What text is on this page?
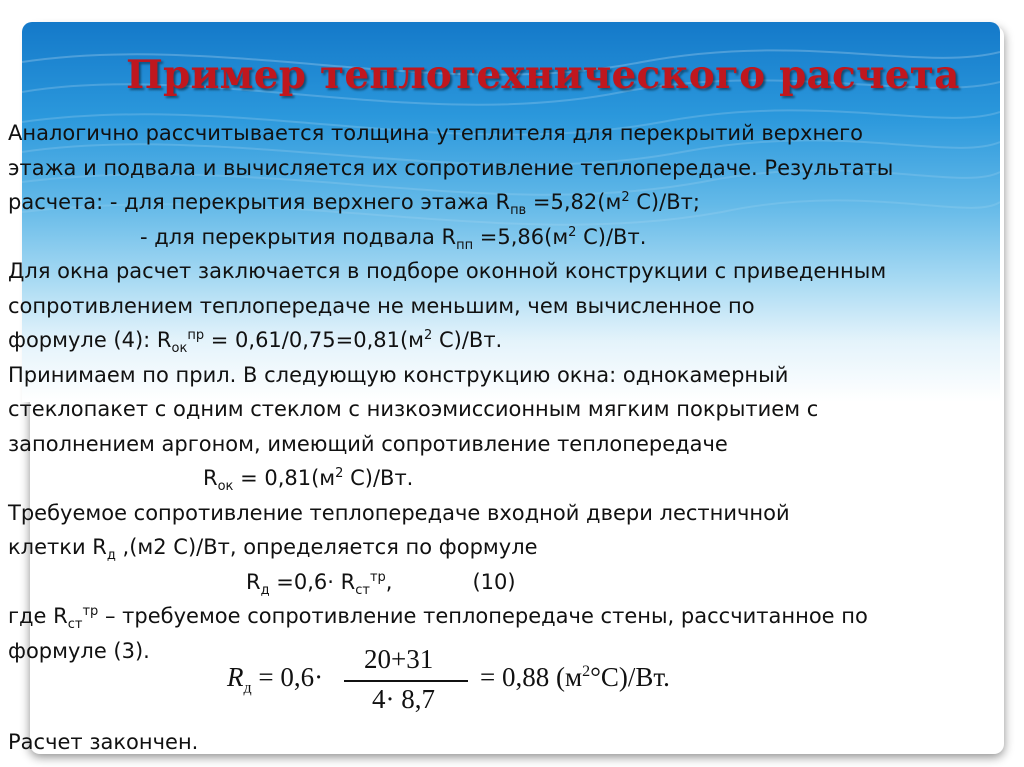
Пример теплотехнического расчета
Аналогично рассчитывается толщина утеплителя для перекрытий верхнего
этажа и подвала и вычисляется их сопротивление теплопередаче. Результаты
расчета: - для перекрытия верхнего этажа $R_{пв} =5,82(м^2$ С)/Вт;
- для перекрытия подвала $R_{пп} =5,86(м^2$ С)/Вт.
Для окна расчет заключается в подборе оконной конструкции с приведенным
сопротивлением теплопередаче не меньшим, чем вычисленное по
формуле (4): $R_{ок}^{пр} = 0,61/0,75=0,81(м^2$ С)/Вт.
Принимаем по прил. В следующую конструкцию окна: однокамерный
стеклопакет с одним стеклом с низкоэмиссионным мягким покрытием с
заполнением аргоном, имеющий сопротивление теплопередаче
$R_{ок} = 0,81(м^2$ С)/Вт.
Требуемое сопротивление теплопередаче входной двери лестничной
клетки $R_д$ ,(м2 С)/Вт, определяется по формуле
$R_д =0,6\cdot R_{ст}^{тр}$,	(10)
где $R_{ст}^{тр}$ – требуемое сопротивление теплопередаче стены, рассчитанное по
формуле (3).
$R_д = 0,6\cdot$
20+31
4· 8,7
= 0,88 $(м^2^\circ С)/Вт$.
Расчет закончен.
